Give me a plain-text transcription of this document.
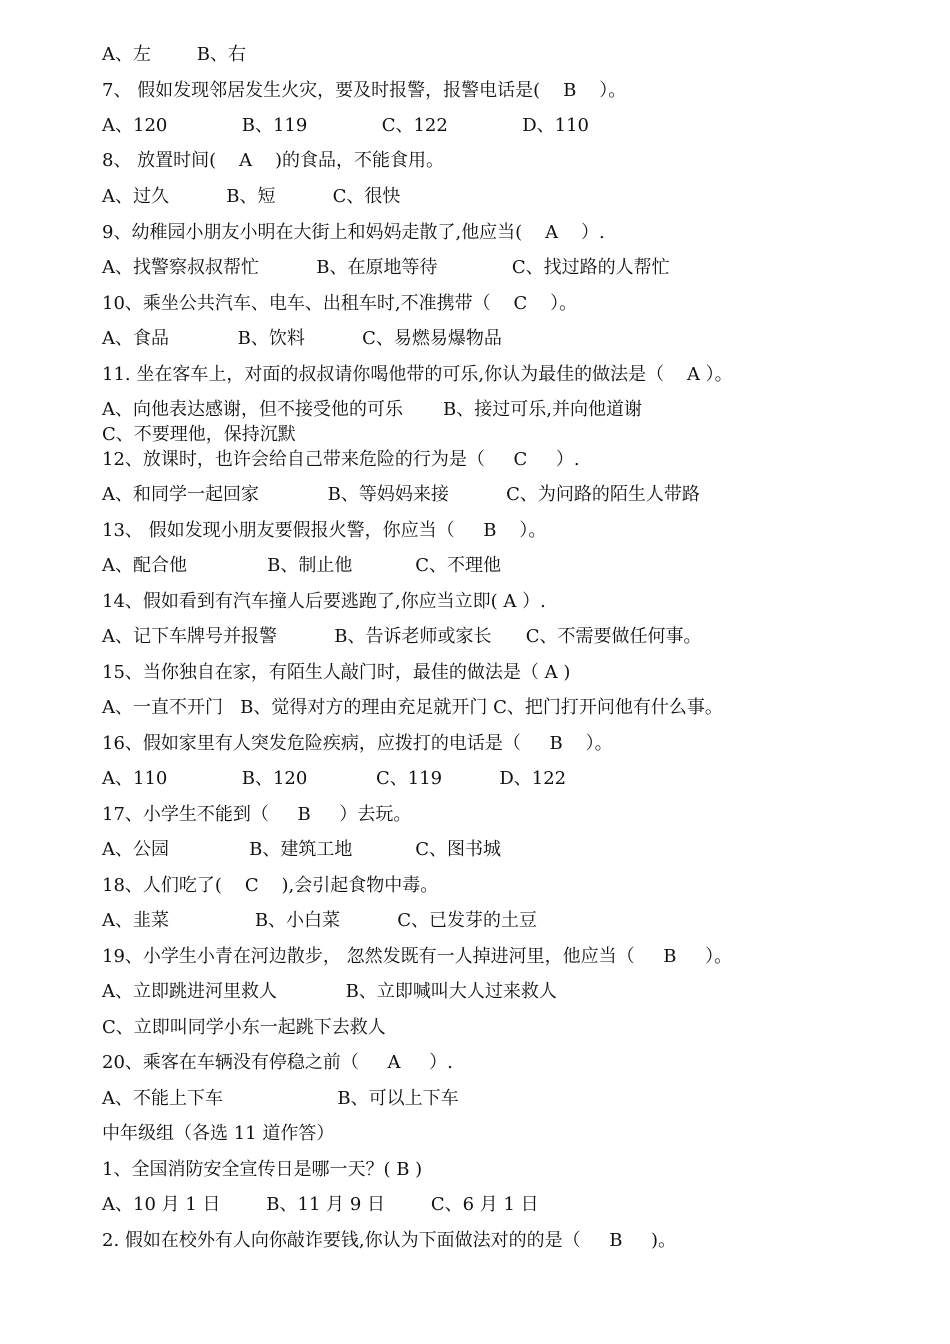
A、左        B、右
7、 假如发现邻居发生火灾，要及时报警，报警电话是(    B    ）。
A、120             B、119             C、122             D、110
8、 放置时间(    A    )的食品，不能食用。
A、过久          B、短          C、很快
9、幼稚园小朋友小明在大街上和妈妈走散了,他应当(    A    ）.
A、找警察叔叔帮忙          B、在原地等待             C、找过路的人帮忙
10、乘坐公共汽车、电车、出租车时,不准携带（    C    ）。
A、食品            B、饮料          C、易燃易爆物品
11. 坐在客车上，对面的叔叔请你喝他带的可乐,你认为最佳的做法是（    A ）。
A、向他表达感谢，但不接受他的可乐       B、接过可乐,并向他道谢
C、不要理他，保持沉默
12、放课时，也许会给自己带来危险的行为是（     C     ）.
A、和同学一起回家            B、等妈妈来接          C、为问路的陌生人带路
13、 假如发现小朋友要假报火警，你应当（     B    ）。
A、配合他              B、制止他           C、不理他
14、假如看到有汽车撞人后要逃跑了,你应当立即( A ）.
A、记下车牌号并报警          B、告诉老师或家长      C、不需要做任何事。
15、当你独自在家，有陌生人敲门时，最佳的做法是（ A )
A、一直不开门   B、觉得对方的理由充足就开门 C、把门打开问他有什么事。
16、假如家里有人突发危险疾病，应拨打的电话是（     B    ）。
A、110             B、120            C、119          D、122
17、小学生不能到（     B     ）去玩。
A、公园              B、建筑工地           C、图书城
18、人们吃了(    C    ),会引起食物中毒。
A、韭菜               B、小白菜          C、已发芽的土豆
19、小学生小青在河边散步， 忽然发既有一人掉进河里，他应当（     B     ）。
A、立即跳进河里救人            B、立即喊叫大人过来救人
C、立即叫同学小东一起跳下去救人
20、乘客在车辆没有停稳之前（     A     ）.
A、不能上下车                    B、可以上下车
中年级组（各选 11 道作答）
1、全国消防安全宣传日是哪一天？( B )
A、10 月 1 日        B、11 月 9 日        C、6 月 1 日
2. 假如在校外有人向你敲诈要钱,你认为下面做法对的的是（     B     )。
